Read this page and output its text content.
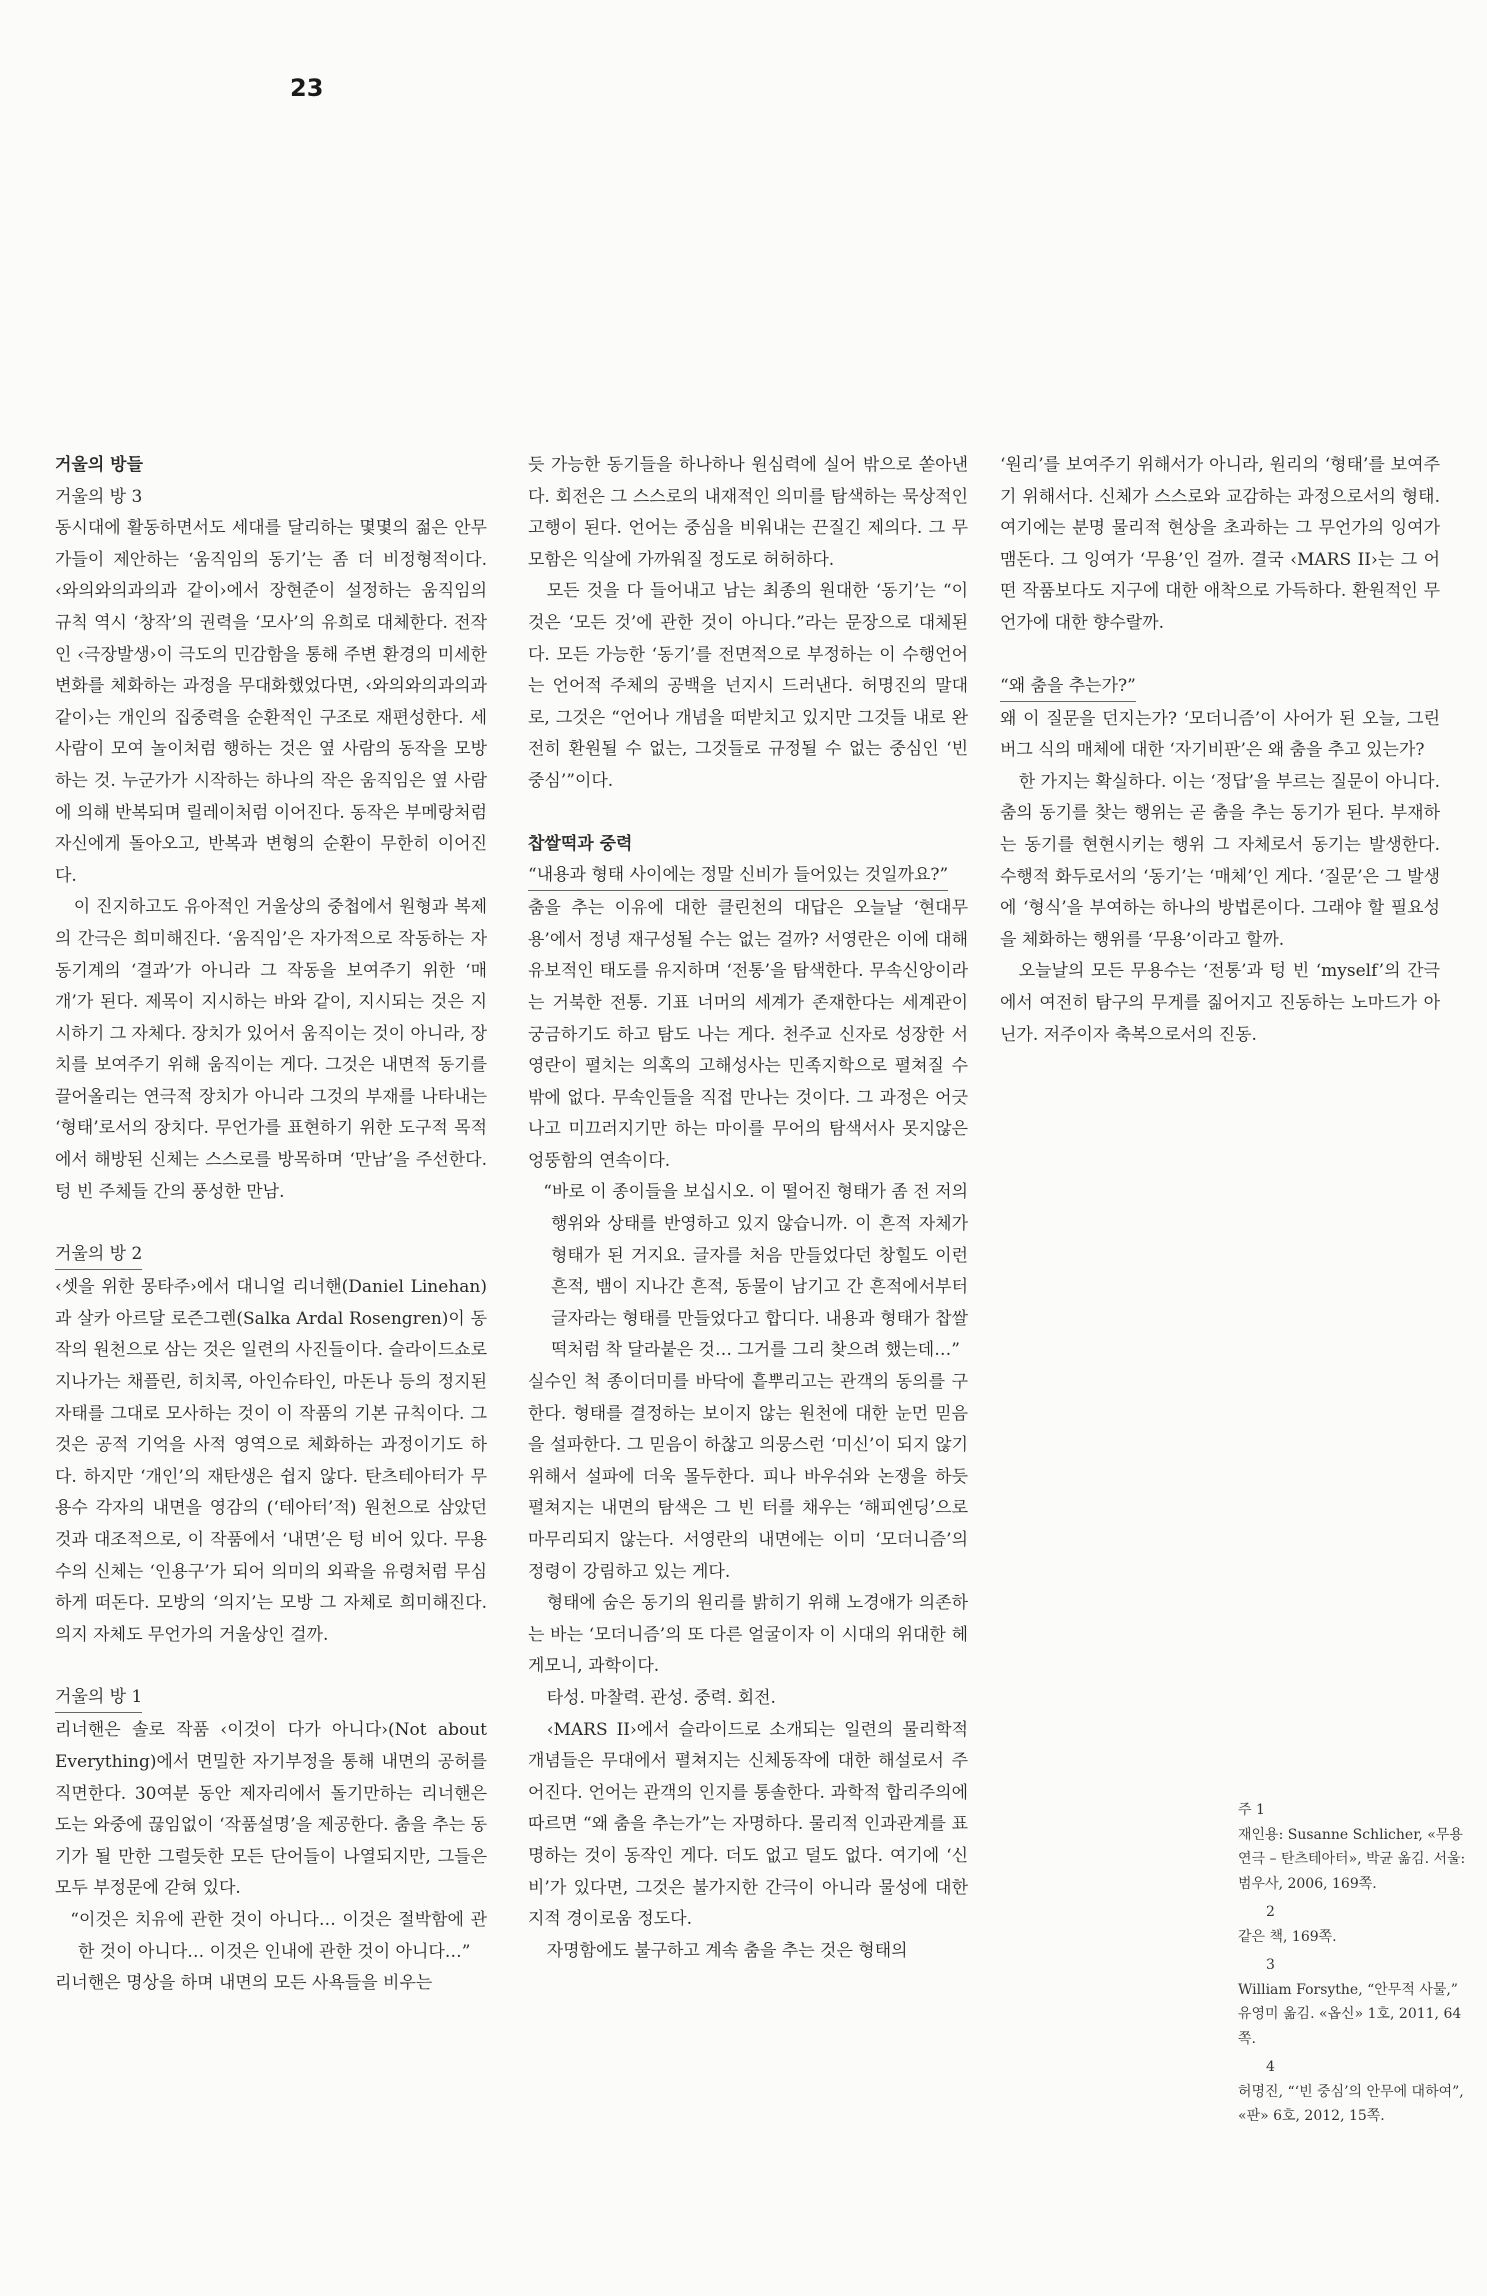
23

거울의 방들

거울의 방 3

동시대에 활동하면서도 세대를 달리하는 몇몇의 젊은 안무가들이 제안하는 ‘움직임의 동기’는 좀 더 비정형적이다. ‹와의와의과의과 같이›에서 장현준이 설정하는 움직임의 규칙 역시 ‘창작’의 권력을 ‘모사’의 유희로 대체한다. 전작인 ‹극장발생›이 극도의 민감함을 통해 주변 환경의 미세한 변화를 체화하는 과정을 무대화했었다면, ‹와의와의과의과 같이›는 개인의 집중력을 순환적인 구조로 재편성한다. 세 사람이 모여 놀이처럼 행하는 것은 옆 사람의 동작을 모방하는 것. 누군가가 시작하는 하나의 작은 움직임은 옆 사람에 의해 반복되며 릴레이처럼 이어진다. 동작은 부메랑처럼 자신에게 돌아오고, 반복과 변형의 순환이 무한히 이어진다.

이 진지하고도 유아적인 거울상의 중첩에서 원형과 복제의 간극은 희미해진다. ‘움직임’은 자가적으로 작동하는 자동기계의 ‘결과’가 아니라 그 작동을 보여주기 위한 ‘매개’가 된다. 제목이 지시하는 바와 같이, 지시되는 것은 지시하기 그 자체다. 장치가 있어서 움직이는 것이 아니라, 장치를 보여주기 위해 움직이는 게다. 그것은 내면적 동기를 끌어올리는 연극적 장치가 아니라 그것의 부재를 나타내는 ‘형태’로서의 장치다. 무언가를 표현하기 위한 도구적 목적에서 해방된 신체는 스스로를 방목하며 ‘만남’을 주선한다. 텅 빈 주체들 간의 풍성한 만남.

거울의 방 2

‹셋을 위한 몽타주›에서 대니얼 리너핸(Daniel Linehan)과 살카 아르달 로즌그렌(Salka Ardal Rosengren)이 동작의 원천으로 삼는 것은 일련의 사진들이다. 슬라이드쇼로 지나가는 채플린, 히치콕, 아인슈타인, 마돈나 등의 정지된 자태를 그대로 모사하는 것이 이 작품의 기본 규칙이다. 그것은 공적 기억을 사적 영역으로 체화하는 과정이기도 하다. 하지만 ‘개인’의 재탄생은 쉽지 않다. 탄츠테아터가 무용수 각자의 내면을 영감의 (‘테아터’적) 원천으로 삼았던 것과 대조적으로, 이 작품에서 ‘내면’은 텅 비어 있다. 무용수의 신체는 ‘인용구’가 되어 의미의 외곽을 유령처럼 무심하게 떠돈다. 모방의 ‘의지’는 모방 그 자체로 희미해진다. 의지 자체도 무언가의 거울상인 걸까.

거울의 방 1

리너핸은 솔로 작품 ‹이것이 다가 아니다›(Not about Everything)에서 면밀한 자기부정을 통해 내면의 공허를 직면한다. 30여분 동안 제자리에서 돌기만하는 리너핸은 도는 와중에 끊임없이 ‘작품설명’을 제공한다. 춤을 추는 동기가 될 만한 그럴듯한 모든 단어들이 나열되지만, 그들은 모두 부정문에 갇혀 있다.

“이것은 치유에 관한 것이 아니다… 이것은 절박함에 관한 것이 아니다… 이것은 인내에 관한 것이 아니다…”

리너핸은 명상을 하며 내면의 모든 사욕들을 비우는

듯 가능한 동기들을 하나하나 원심력에 실어 밖으로 쏟아낸다. 회전은 그 스스로의 내재적인 의미를 탐색하는 묵상적인 고행이 된다. 언어는 중심을 비워내는 끈질긴 제의다. 그 무모함은 익살에 가까워질 정도로 허허하다.

모든 것을 다 들어내고 남는 최종의 원대한 ‘동기’는 “이것은 ‘모든 것’에 관한 것이 아니다.”라는 문장으로 대체된다. 모든 가능한 ‘동기’를 전면적으로 부정하는 이 수행언어는 언어적 주체의 공백을 넌지시 드러낸다. 허명진의 말대로, 그것은 “언어나 개념을 떠받치고 있지만 그것들 내로 완전히 환원될 수 없는, 그것들로 규정될 수 없는 중심인 ‘빈 중심’”이다.

찹쌀떡과 중력

“내용과 형태 사이에는 정말 신비가 들어있는 것일까요?”

춤을 추는 이유에 대한 클린천의 대답은 오늘날 ‘현대무용’에서 정녕 재구성될 수는 없는 걸까? 서영란은 이에 대해 유보적인 태도를 유지하며 ‘전통’을 탐색한다. 무속신앙이라는 거북한 전통. 기표 너머의 세계가 존재한다는 세계관이 궁금하기도 하고 탐도 나는 게다. 천주교 신자로 성장한 서영란이 펼치는 의혹의 고해성사는 민족지학으로 펼쳐질 수밖에 없다. 무속인들을 직접 만나는 것이다. 그 과정은 어긋나고 미끄러지기만 하는 마이를 무어의 탐색서사 못지않은 엉뚱함의 연속이다.

“바로 이 종이들을 보십시오. 이 떨어진 형태가 좀 전 저의 행위와 상태를 반영하고 있지 않습니까. 이 흔적 자체가 형태가 된 거지요. 글자를 처음 만들었다던 창힐도 이런 흔적, 뱀이 지나간 흔적, 동물이 남기고 간 흔적에서부터 글자라는 형태를 만들었다고 합디다. 내용과 형태가 찹쌀떡처럼 착 달라붙은 것… 그거를 그리 찾으려 했는데…”

실수인 척 종이더미를 바닥에 흩뿌리고는 관객의 동의를 구한다. 형태를 결정하는 보이지 않는 원천에 대한 눈먼 믿음을 설파한다. 그 믿음이 하찮고 의뭉스런 ‘미신’이 되지 않기 위해서 설파에 더욱 몰두한다. 피나 바우쉬와 논쟁을 하듯 펼쳐지는 내면의 탐색은 그 빈 터를 채우는 ‘해피엔딩’으로 마무리되지 않는다. 서영란의 내면에는 이미 ‘모더니즘’의 정령이 강림하고 있는 게다.

형태에 숨은 동기의 원리를 밝히기 위해 노경애가 의존하는 바는 ‘모더니즘’의 또 다른 얼굴이자 이 시대의 위대한 헤게모니, 과학이다.

타성. 마찰력. 관성. 중력. 회전.

‹MARS II›에서 슬라이드로 소개되는 일련의 물리학적 개념들은 무대에서 펼쳐지는 신체동작에 대한 해설로서 주어진다. 언어는 관객의 인지를 통솔한다. 과학적 합리주의에 따르면 “왜 춤을 추는가”는 자명하다. 물리적 인과관계를 표명하는 것이 동작인 게다. 더도 없고 덜도 없다. 여기에 ‘신비’가 있다면, 그것은 불가지한 간극이 아니라 물성에 대한 지적 경이로움 정도다.

자명함에도 불구하고 계속 춤을 추는 것은 형태의

‘원리’를 보여주기 위해서가 아니라, 원리의 ‘형태’를 보여주기 위해서다. 신체가 스스로와 교감하는 과정으로서의 형태. 여기에는 분명 물리적 현상을 초과하는 그 무언가의 잉여가 맴돈다. 그 잉여가 ‘무용’인 걸까. 결국 ‹MARS II›는 그 어떤 작품보다도 지구에 대한 애착으로 가득하다. 환원적인 무언가에 대한 향수랄까.

“왜 춤을 추는가?”

왜 이 질문을 던지는가? ‘모더니즘’이 사어가 된 오늘, 그린버그 식의 매체에 대한 ‘자기비판’은 왜 춤을 추고 있는가?

한 가지는 확실하다. 이는 ‘정답’을 부르는 질문이 아니다. 춤의 동기를 찾는 행위는 곧 춤을 추는 동기가 된다. 부재하는 동기를 현현시키는 행위 그 자체로서 동기는 발생한다. 수행적 화두로서의 ‘동기’는 ‘매체’인 게다. ‘질문’은 그 발생에 ‘형식’을 부여하는 하나의 방법론이다. 그래야 할 필요성을 체화하는 행위를 ‘무용’이라고 할까.

오늘날의 모든 무용수는 ‘전통’과 텅 빈 ‘myself’의 간극에서 여전히 탐구의 무게를 짊어지고 진동하는 노마드가 아닌가. 저주이자 축복으로서의 진동.

주 1

재인용: Susanne Schlicher, «무용연극 – 탄츠테아터», 박균 옮김. 서울: 범우사, 2006, 169쪽.

2

같은 책, 169쪽.

3

William Forsythe, “안무적 사물,” 유영미 옮김. «옵신» 1호, 2011, 64쪽.

4

허명진, “‘빈 중심’의 안무에 대하여”, «판» 6호, 2012, 15쪽.
